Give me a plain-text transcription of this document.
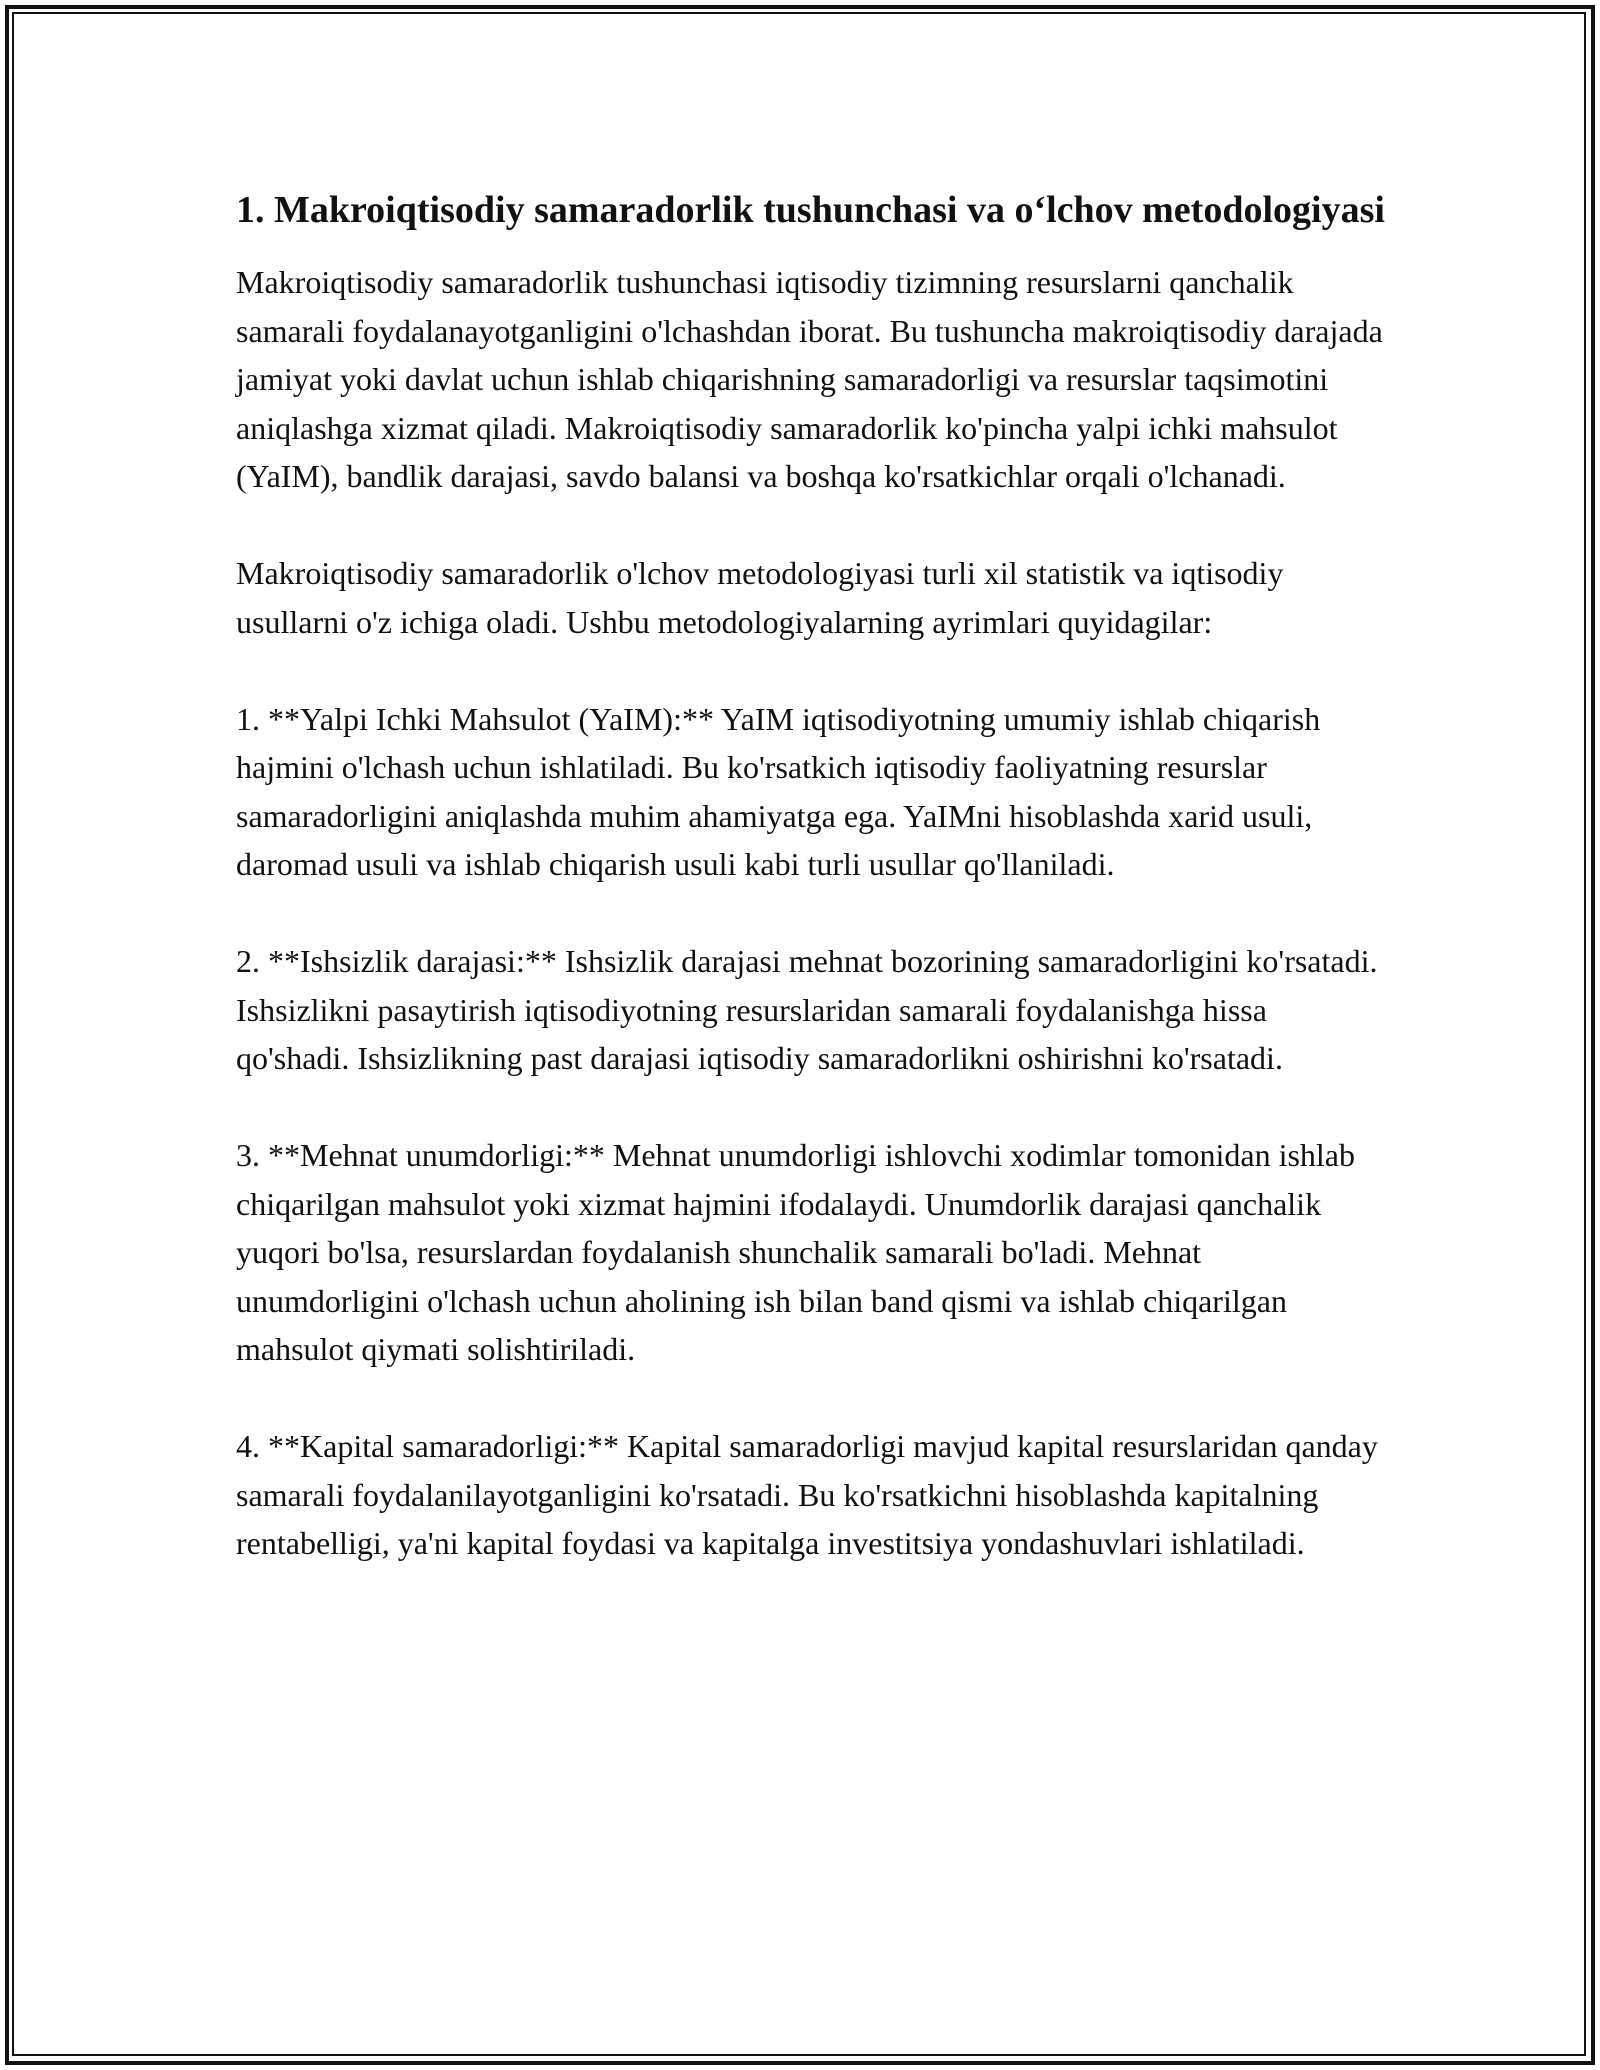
1. Makroiqtisodiy samaradorlik tushunchasi va o‘lchov metodologiyasi

Makroiqtisodiy samaradorlik tushunchasi iqtisodiy tizimning resurslarni qanchalik samarali foydalanayotganligini o'lchashdan iborat. Bu tushuncha makroiqtisodiy darajada jamiyat yoki davlat uchun ishlab chiqarishning samaradorligi va resurslar taqsimotini aniqlashga xizmat qiladi. Makroiqtisodiy samaradorlik ko'pincha yalpi ichki mahsulot (YaIM), bandlik darajasi, savdo balansi va boshqa ko'rsatkichlar orqali o'lchanadi.

Makroiqtisodiy samaradorlik o'lchov metodologiyasi turli xil statistik va iqtisodiy usullarni o'z ichiga oladi. Ushbu metodologiyalarning ayrimlari quyidagilar:

1. **Yalpi Ichki Mahsulot (YaIM):** YaIM iqtisodiyotning umumiy ishlab chiqarish hajmini o'lchash uchun ishlatiladi. Bu ko'rsatkich iqtisodiy faoliyatning resurslar samaradorligini aniqlashda muhim ahamiyatga ega. YaIMni hisoblashda xarid usuli, daromad usuli va ishlab chiqarish usuli kabi turli usullar qo'llaniladi.

2. **Ishsizlik darajasi:** Ishsizlik darajasi mehnat bozorining samaradorligini ko'rsatadi. Ishsizlikni pasaytirish iqtisodiyotning resurslaridan samarali foydalanishga hissa qo'shadi. Ishsizlikning past darajasi iqtisodiy samaradorlikni oshirishni ko'rsatadi.

3. **Mehnat unumdorligi:** Mehnat unumdorligi ishlovchi xodimlar tomonidan ishlab chiqarilgan mahsulot yoki xizmat hajmini ifodalaydi. Unumdorlik darajasi qanchalik yuqori bo'lsa, resurslardan foydalanish shunchalik samarali bo'ladi. Mehnat unumdorligini o'lchash uchun aholining ish bilan band qismi va ishlab chiqarilgan mahsulot qiymati solishtiriladi.

4. **Kapital samaradorligi:** Kapital samaradorligi mavjud kapital resurslaridan qanday samarali foydalanilayotganligini ko'rsatadi. Bu ko'rsatkichni hisoblashda kapitalning rentabelligi, ya'ni kapital foydasi va kapitalga investitsiya yondashuvlari ishlatiladi.
